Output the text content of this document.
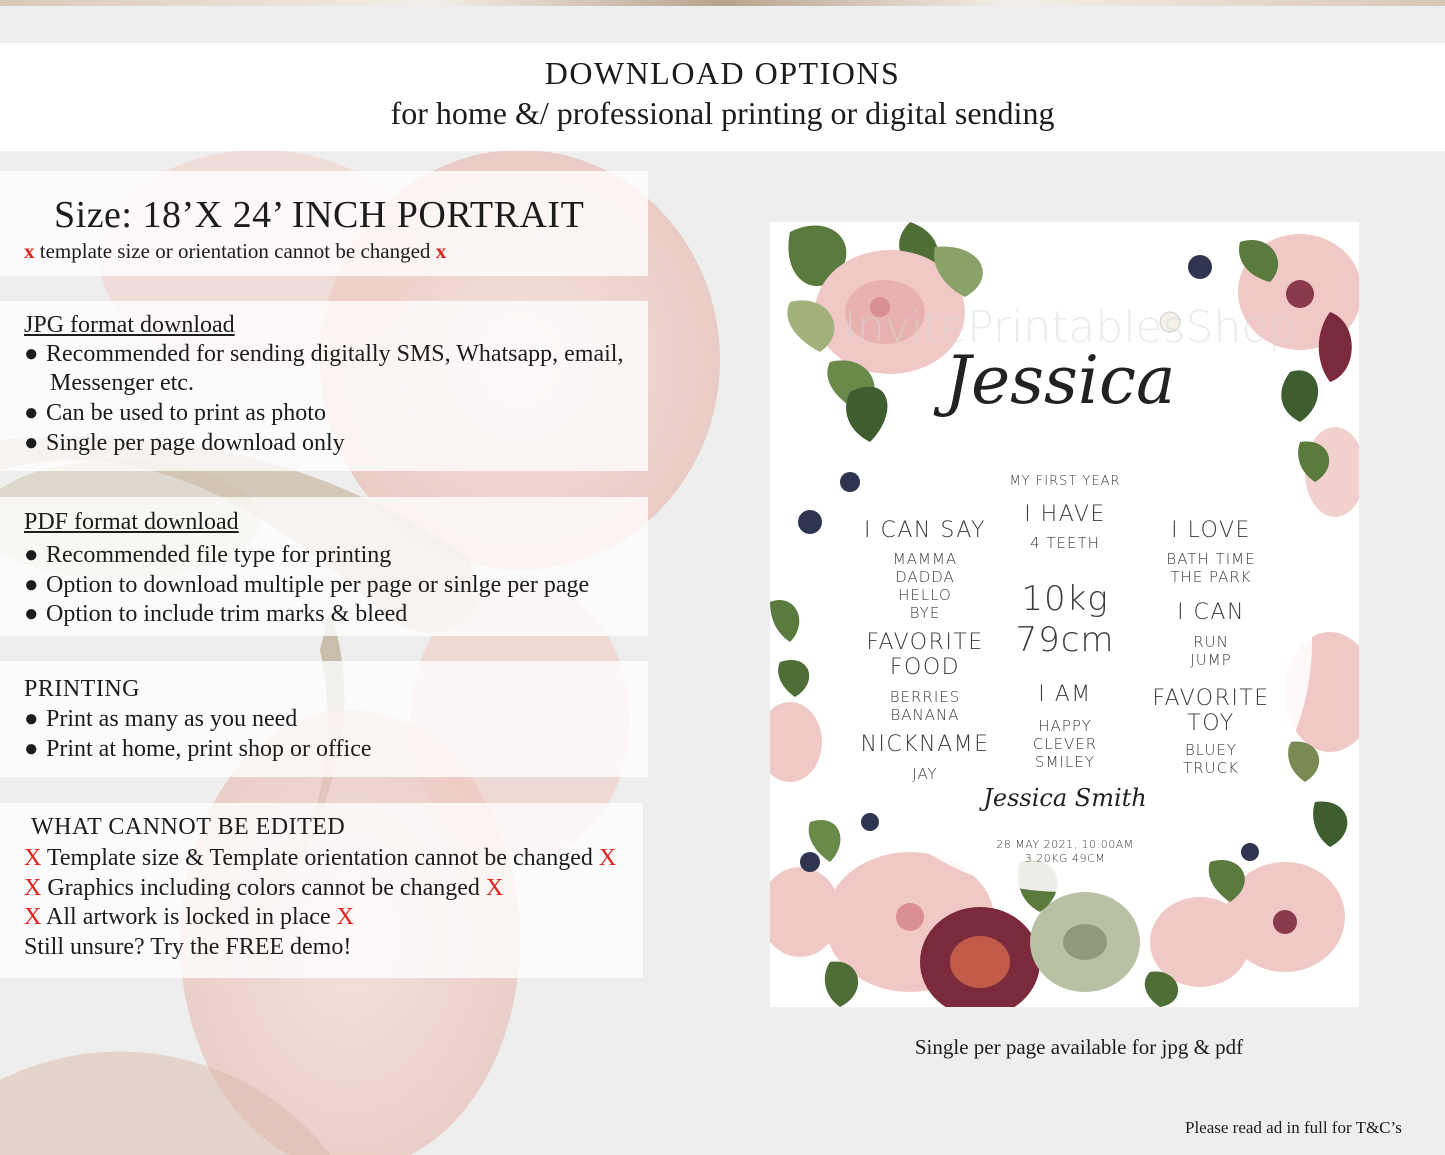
DOWNLOAD OPTIONS
for home &/ professional printing or digital sending
Size: 18’X 24’ INCH PORTRAIT
x template size or orientation cannot be changed x
JPG format download
● Recommended for sending digitally SMS, Whatsapp, email,
Messenger etc.
● Can be used to print as photo
● Single per page download only
PDF format download
● Recommended file type for printing
● Option to download multiple per page or sinlge per page
● Option to include trim marks & bleed
PRINTING
● Print as many as you need
● Print at home, print shop or office
WHAT CANNOT BE EDITED
X Template size & Template orientation cannot be changed X
X Graphics including colors cannot be changed X
X All artwork is locked in place X
Still unsure? Try the FREE demo!
Jessica
MY FIRST YEAR
I CAN SAY
MAMMA
DADDA
HELLO
BYE
I HAVE
4 TEETH	I LOVE
BATH TIME
THE PARK
10kg
79cm
I CAN
RUN
JUMP
FAVORITE
FOOD
BERRIES
BANANA
I AM
HAPPY
CLEVER
SMILEY
FAVORITE
TOY
BLUEY
TRUCK
NICKNAME
JAY
Jessica Smith
28 MAY 2021, 10:00AM
3.20KG 49CM
InvitePrintablesShop
Single per page available for jpg & pdf
Please read ad in full for T&C’s
